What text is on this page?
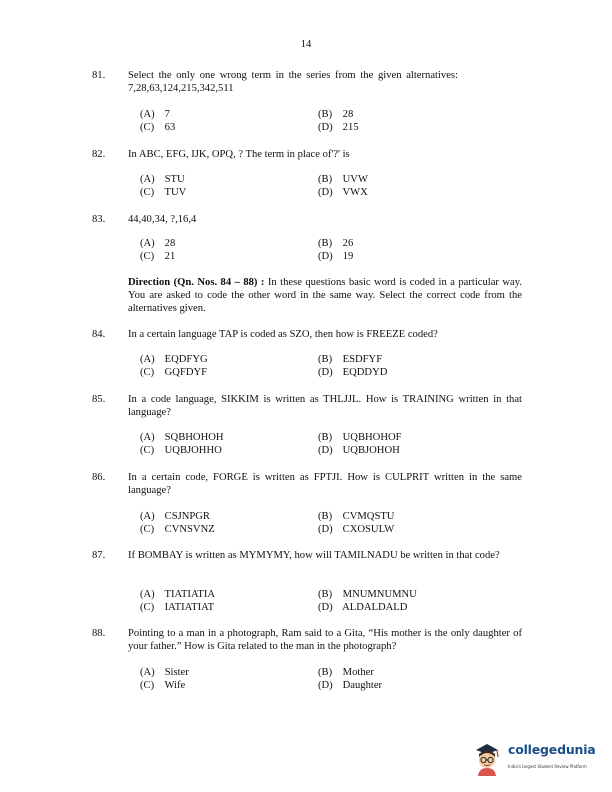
14
81. Select the only one wrong term in the series from the given alternatives: 7,28,63,124,215,342,511
(A) 7	(B) 28
(C) 63	(D) 215
82. In ABC, EFG, IJK, OPQ, ? The term in place of'?' is
(A) STU	(B) UVW
(C) TUV	(D) VWX
83. 44,40,34, ?,16,4
(A) 28	(B) 26
(C) 21	(D) 19
Direction (Qn. Nos. 84 – 88) : In these questions basic word is coded in a particular way. You are asked to code the other word in the same way. Select the correct code from the alternatives given.
84. In a certain language TAP is coded as SZO, then how is FREEZE coded?
(A) EQDFYG	(B) ESDFYF
(C) GQFDYF	(D) EQDDYD
85. In a code language, SIKKIM is written as THLJJL. How is TRAINING written in that language?
(A) SQBHOHOH	(B) UQBHOHOF
(C) UQBJOHHO	(D) UQBJOHOH
86. In a certain code, FORGE is written as FPTJI. How is CULPRIT written in the same language?
(A) CSJNPGR	(B) CVMQSTU
(C) CVNSVNZ	(D) CXOSULW
87. If BOMBAY is written as MYMYMY, how will TAMILNADU be written in that code?
(A) TIATIATIA	(B) MNUMNUMNU
(C) IATIATIAT	(D) ALDALDALD
88. Pointing to a man in a photograph, Ram said to a Gita, “His mother is the only daughter of your father.” How is Gita related to the man in the photograph?
(A) Sister	(B) Mother
(C) Wife	(D) Daughter
collegedunia
India's largest Student Review Platform
